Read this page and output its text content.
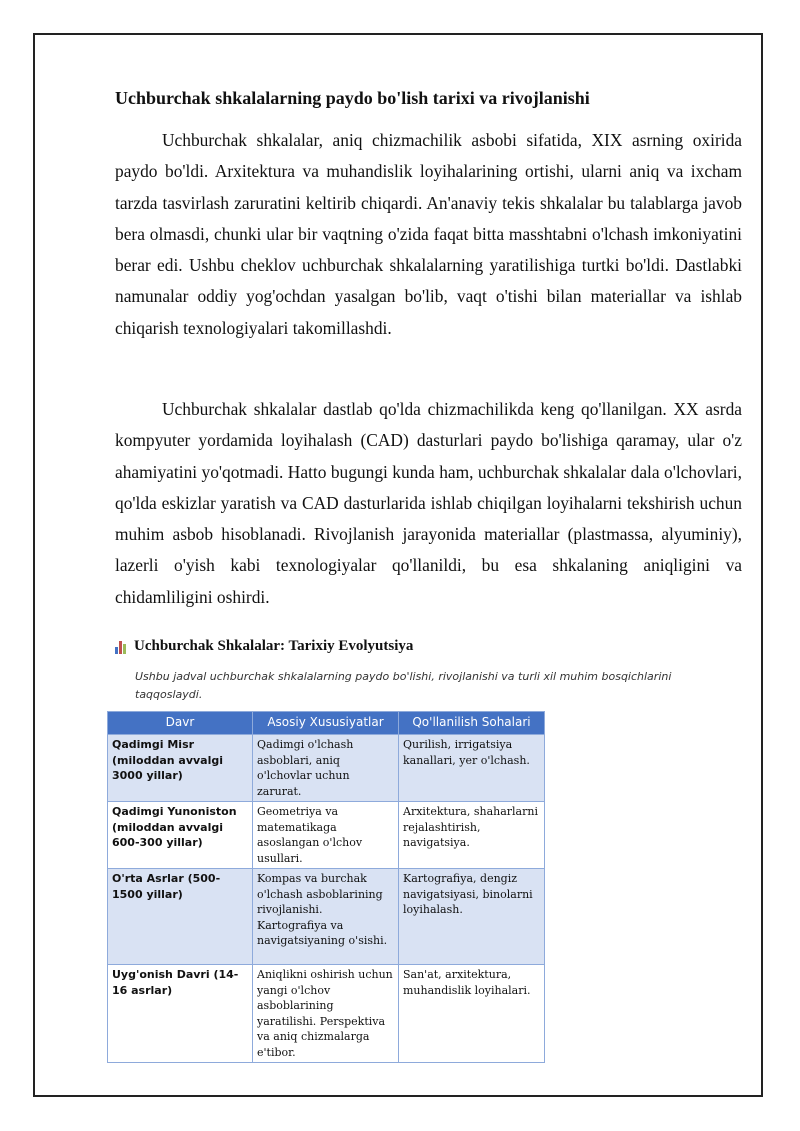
Uchburchak shkalalarning paydo bo'lish tarixi va rivojlanishi

Uchburchak shkalalar, aniq chizmachilik asbobi sifatida, XIX asrning oxirida paydo bo'ldi. Arxitektura va muhandislik loyihalarining ortishi, ularni aniq va ixcham tarzda tasvirlash zaruratini keltirib chiqardi. An'anaviy tekis shkalalar bu talablarga javob bera olmasdi, chunki ular bir vaqtning o'zida faqat bitta masshtabni o'lchash imkoniyatini berar edi. Ushbu cheklov uchburchak shkalalarning yaratilishiga turtki bo'ldi. Dastlabki namunalar oddiy yog'ochdan yasalgan bo'lib, vaqt o'tishi bilan materiallar va ishlab chiqarish texnologiyalari takomillashdi.

Uchburchak shkalalar dastlab qo'lda chizmachilikda keng qo'llanilgan. XX asrda kompyuter yordamida loyihalash (CAD) dasturlari paydo bo'lishiga qaramay, ular o'z ahamiyatini yo'qotmadi. Hatto bugungi kunda ham, uchburchak shkalalar dala o'lchovlari, qo'lda eskizlar yaratish va CAD dasturlarida ishlab chiqilgan loyihalarni tekshirish uchun muhim asbob hisoblanadi. Rivojlanish jarayonida materiallar (plastmassa, alyuminiy), lazerli o'yish kabi texnologiyalar qo'llanildi, bu esa shkalaning aniqligini va chidamliligini oshirdi.

Uchburchak Shkalalar: Tarixiy Evolyutsiya

Ushbu jadval uchburchak shkalalarning paydo bo'lishi, rivojlanishi va turli xil muhim bosqichlarini taqqoslaydi.

Davr	Asosiy Xususiyatlar	Qo'llanilish Sohalari
Qadimgi Misr (miloddan avvalgi 3000 yillar)	Qadimgi o'lchash asboblari, aniq o'lchovlar uchun zarurat.	Qurilish, irrigatsiya kanallari, yer o'lchash.
Qadimgi Yunoniston (miloddan avvalgi 600-300 yillar)	Geometriya va matematikaga asoslangan o'lchov usullari.	Arxitektura, shaharlarni rejalashtirish, navigatsiya.
O'rta Asrlar (500-1500 yillar)	Kompas va burchak o'lchash asboblarining rivojlanishi. Kartografiya va navigatsiyaning o'sishi.	Kartografiya, dengiz navigatsiyasi, binolarni loyihalash.
Uyg'onish Davri (14-16 asrlar)	Aniqlikni oshirish uchun yangi o'lchov asboblarining yaratilishi. Perspektiva va aniq chizmalarga e'tibor.	San'at, arxitektura, muhandislik loyihalari.
